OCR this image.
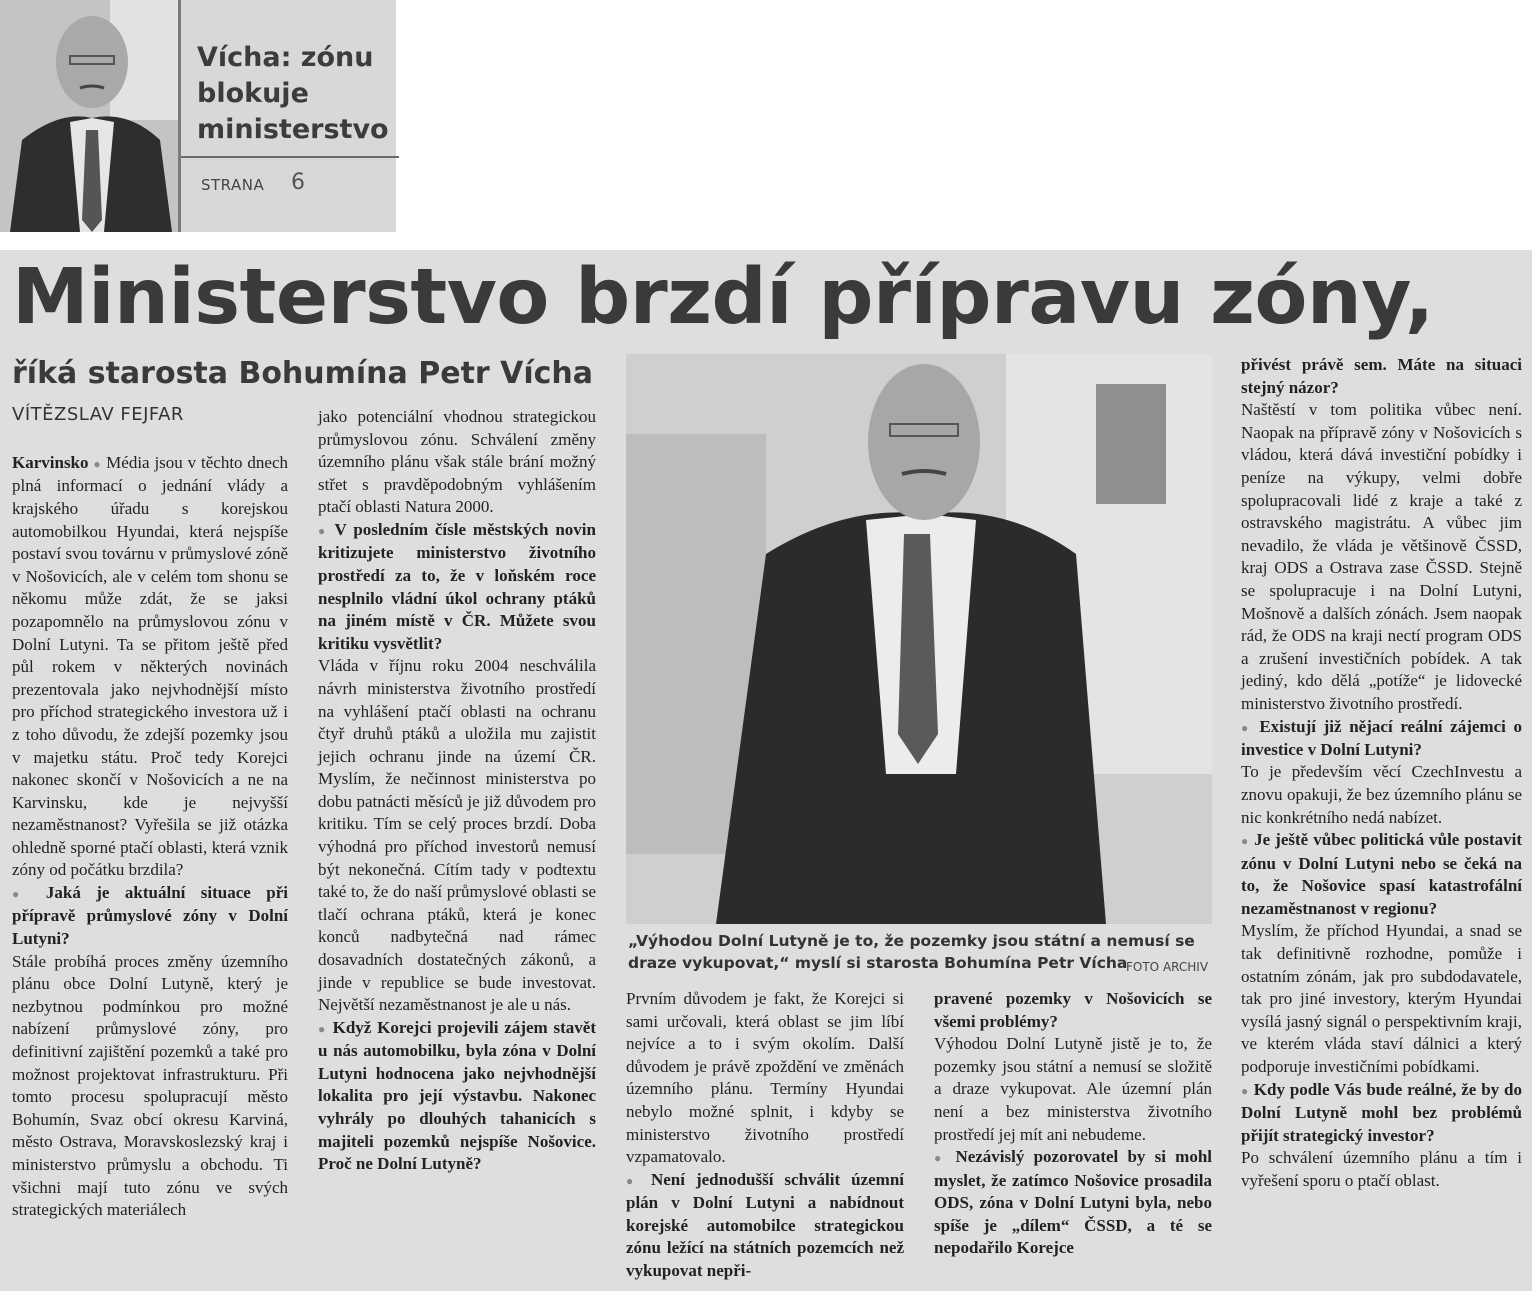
Vícha: zónu blokuje ministerstvo
STRANA 6
Ministerstvo brzdí přípravu zóny,
říká starosta Bohumína Petr Vícha
VÍTĚZSLAV FEJFAR

Karvinsko ● Média jsou v těchto dnech plná informací o jednání vlády a krajského úřadu s korejskou automobilkou Hyundai, která nejspíše postaví svou továrnu v průmyslové zóně v Nošovicích, ale v celém tom shonu se někomu může zdát, že se jaksi pozapomnělo na průmyslovou zónu v Dolní Lutyni. Ta se přitom ještě před půl rokem v některých novinách prezentovala jako nejvhodnější místo pro příchod strategického investora už i z toho důvodu, že zdejší pozemky jsou v majetku státu. Proč tedy Korejci nakonec skončí v Nošovicích a ne na Karvinsku, kde je nejvyšší nezaměstnanost? Vyřešila se již otázka ohledně sporné ptačí oblasti, která vznik zóny od počátku brzdila?

● Jaká je aktuální situace při přípravě průmyslové zóny v Dolní Lutyni?

Stále probíhá proces změny územního plánu obce Dolní Lutyně, který je nezbytnou podmínkou pro možné nabízení průmyslové zóny, pro definitivní zajištění pozemků a také pro možnost projektovat infrastrukturu. Při tomto procesu spolupracují město Bohumín, Svaz obcí okresu Karviná, město Ostrava, Moravskoslezský kraj i ministerstvo průmyslu a obchodu. Ti všichni mají tuto zónu ve svých strategických materiálech

jako potenciální vhodnou strategickou průmyslovou zónu. Schválení změny územního plánu však stále brání možný střet s pravděpodobným vyhlášením ptačí oblasti Natura 2000.

● V posledním čísle městských novin kritizujete ministerstvo životního prostředí za to, že v loňském roce nesplnilo vládní úkol ochrany ptáků na jiném místě v ČR. Můžete svou kritiku vysvětlit?

Vláda v říjnu roku 2004 neschválila návrh ministerstva životního prostředí na vyhlášení ptačí oblasti na ochranu čtyř druhů ptáků a uložila mu zajistit jejich ochranu jinde na území ČR. Myslím, že nečinnost ministerstva po dobu patnácti měsíců je již důvodem pro kritiku. Tím se celý proces brzdí. Doba výhodná pro příchod investorů nemusí být nekonečná. Cítím tady v podtextu také to, že do naší průmyslové oblasti se tlačí ochrana ptáků, která je konec konců nadbytečná nad rámec dosavadních dostatečných zákonů, a jinde v republice se bude investovat. Největší nezaměstnanost je ale u nás.

● Když Korejci projevili zájem stavět u nás automobilku, byla zóna v Dolní Lutyni hodnocena jako nejvhodnější lokalita pro její výstavbu. Nakonec vyhrály po dlouhých tahanicích s majiteli pozemků nejspíše Nošovice. Proč ne Dolní Lutyně?

„Výhodou Dolní Lutyně je to, že pozemky jsou státní a nemusí se draze vykupovat,“ myslí si starosta Bohumína Petr Vícha
FOTO ARCHIV

Prvním důvodem je fakt, že Korejci si sami určovali, která oblast se jim líbí nejvíce a to i svým okolím. Další důvodem je právě zpoždění ve změnách územního plánu. Termíny Hyundai nebylo možné splnit, i kdyby se ministerstvo životního prostředí vzpamatovalo.

● Není jednodušší schválit územní plán v Dolní Lutyni a nabídnout korejské automobilce strategickou zónu ležící na státních pozemcích než vykupovat nepři-

pravené pozemky v Nošovicích se všemi problémy?

Výhodou Dolní Lutyně jistě je to, že pozemky jsou státní a nemusí se složitě a draze vykupovat. Ale územní plán není a bez ministerstva životního prostředí jej mít ani nebudeme.

● Nezávislý pozorovatel by si mohl myslet, že zatímco Nošovice prosadila ODS, zóna v Dolní Lutyni byla, nebo spíše je „dílem“ ČSSD, a té se nepodařilo Korejce

přivést právě sem. Máte na situaci stejný názor?

Naštěstí v tom politika vůbec není. Naopak na přípravě zóny v Nošovicích s vládou, která dává investiční pobídky i peníze na výkupy, velmi dobře spolupracovali lidé z kraje a také z ostravského magistrátu. A vůbec jim nevadilo, že vláda je většinově ČSSD, kraj ODS a Ostrava zase ČSSD. Stejně se spolupracuje i na Dolní Lutyni, Mošnově a dalších zónách. Jsem naopak rád, že ODS na kraji nectí program ODS a zrušení investičních pobídek. A tak jediný, kdo dělá „potíže“ je lidovecké ministerstvo životního prostředí.

● Existují již nějací reální zájemci o investice v Dolní Lutyni?

To je především věcí CzechInvestu a znovu opakuji, že bez územního plánu se nic konkrétního nedá nabízet.

● Je ještě vůbec politická vůle postavit zónu v Dolní Lutyni nebo se čeká na to, že Nošovice spasí katastrofální nezaměstnanost v regionu?

Myslím, že příchod Hyundai, a snad se tak definitivně rozhodne, pomůže i ostatním zónám, jak pro subdodavatele, tak pro jiné investory, kterým Hyundai vysílá jasný signál o perspektivním kraji, ve kterém vláda staví dálnici a který podporuje investičními pobídkami.

● Kdy podle Vás bude reálné, že by do Dolní Lutyně mohl bez problémů přijít strategický investor?

Po schválení územního plánu a tím i vyřešení sporu o ptačí oblast.
